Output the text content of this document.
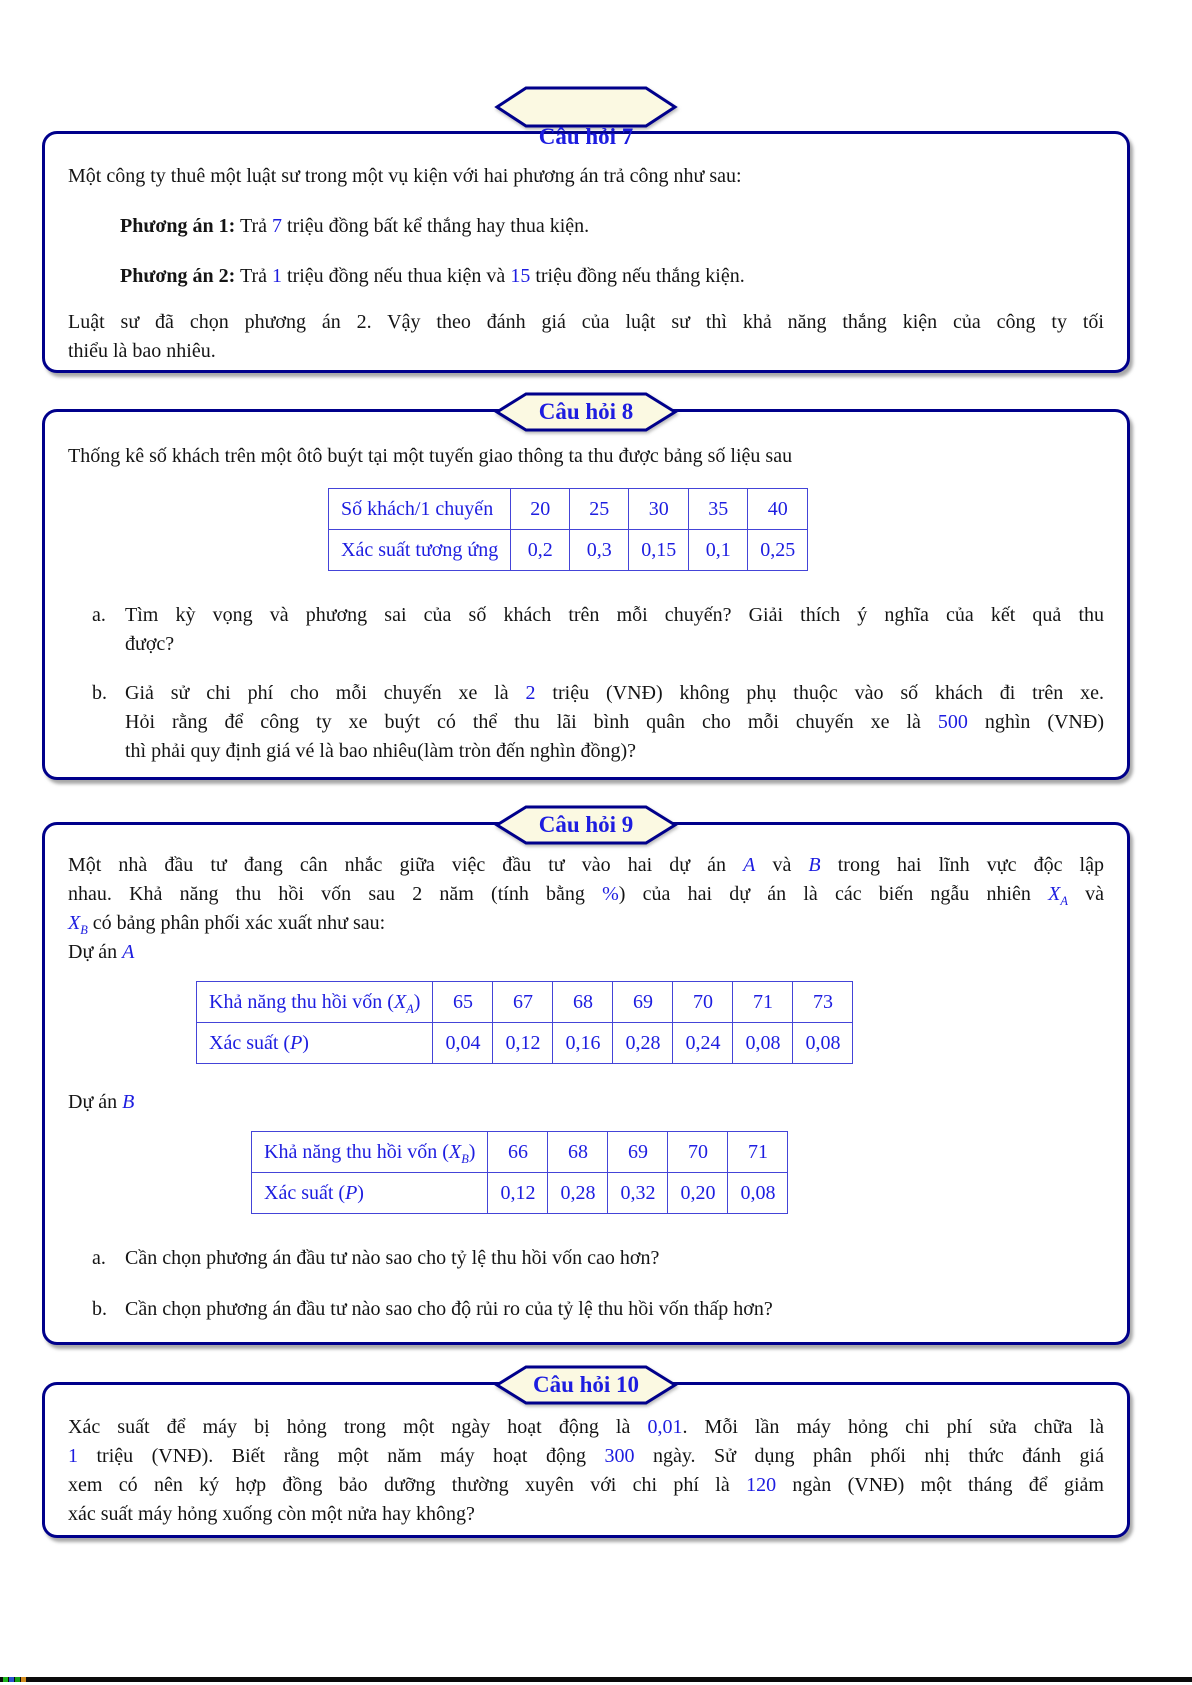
Câu hỏi 7

Một công ty thuê một luật sư trong một vụ kiện với hai phương án trả công như sau:

Phương án 1: Trả 7 triệu đồng bất kể thắng hay thua kiện.

Phương án 2: Trả 1 triệu đồng nếu thua kiện và 15 triệu đồng nếu thắng kiện.

Luật sư đã chọn phương án 2. Vậy theo đánh giá của luật sư thì khả năng thắng kiện của công ty tối
thiểu là bao nhiêu.
Câu hỏi 8

Thống kê số khách trên một ôtô buýt tại một tuyến giao thông ta thu được bảng số liệu sau

Số khách/1 chuyến	20	25	30	35	40
Xác suất tương ứng	0,2	0,3	0,15	0,1	0,25
a. Tìm kỳ vọng và phương sai của số khách trên mỗi chuyến? Giải thích ý nghĩa của kết quả thu
được?
b. Giả sử chi phí cho mỗi chuyến xe là 2 triệu (VNĐ) không phụ thuộc vào số khách đi trên xe.
Hỏi rằng để công ty xe buýt có thể thu lãi bình quân cho mỗi chuyến xe là 500 nghìn (VNĐ)
thì phải quy định giá vé là bao nhiêu(làm tròn đến nghìn đồng)?
Câu hỏi 9
Một nhà đầu tư đang cân nhắc giữa việc đầu tư vào hai dự án A và B trong hai lĩnh vực độc lập
nhau. Khả năng thu hồi vốn sau 2 năm (tính bằng %) của hai dự án là các biến ngẫu nhiên $X_A$ và
$X_B$ có bảng phân phối xác xuất như sau:
Dự án A
Khả năng thu hồi vốn $(X_A)$	65	67	68	69	70	71	73
Xác suất (P)	0,04	0,12	0,16	0,28	0,24	0,08	0,08

Dự án B

Khả năng thu hồi vốn $(X_B)$	66	68	69	70	71
Xác suất (P)	0,12	0,28	0,32	0,20	0,08
a. Cần chọn phương án đầu tư nào sao cho tỷ lệ thu hồi vốn cao hơn?
b. Cần chọn phương án đầu tư nào sao cho độ rủi ro của tỷ lệ thu hồi vốn thấp hơn?
Câu hỏi 10
Xác suất để máy bị hỏng trong một ngày hoạt động là 0,01. Mỗi lần máy hỏng chi phí sửa chữa là
1 triệu (VNĐ). Biết rằng một năm máy hoạt động 300 ngày. Sử dụng phân phối nhị thức đánh giá
xem có nên ký hợp đồng bảo dưỡng thường xuyên với chi phí là 120 ngàn (VNĐ) một tháng để giảm
xác suất máy hỏng xuống còn một nửa hay không?
